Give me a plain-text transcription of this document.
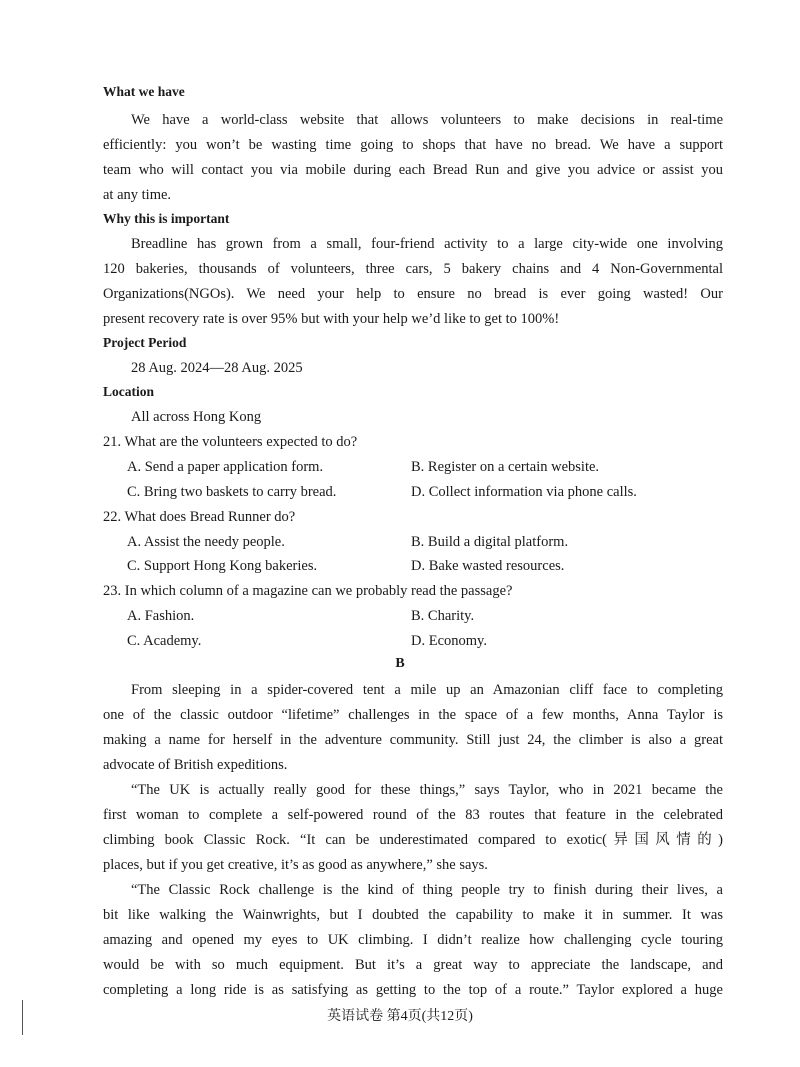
What we have
We have a world-class website that allows volunteers to make decisions in real-time
efficiently: you won’t be wasting time going to shops that have no bread. We have a support
team who will contact you via mobile during each Bread Run and give you advice or assist you
at any time.
Why this is important
Breadline has grown from a small, four-friend activity to a large city-wide one involving
120 bakeries, thousands of volunteers, three cars, 5 bakery chains and 4 Non-Governmental
Organizations(NGOs). We need your help to ensure no bread is ever going wasted! Our
present recovery rate is over 95% but with your help we’d like to get to 100%!
Project Period
28 Aug. 2024—28 Aug. 2025
Location
All across Hong Kong
21. What are the volunteers expected to do?
A. Send a paper application form.	B. Register on a certain website.
C. Bring two baskets to carry bread.	D. Collect information via phone calls.
22. What does Bread Runner do?
A. Assist the needy people.	B. Build a digital platform.
C. Support Hong Kong bakeries.	D. Bake wasted resources.
23. In which column of a magazine can we probably read the passage?
A. Fashion.	B. Charity.
C. Academy.	D. Economy.
B
From sleeping in a spider-covered tent a mile up an Amazonian cliff face to completing
one of the classic outdoor “lifetime” challenges in the space of a few months, Anna Taylor is
making a name for herself in the adventure community. Still just 24, the climber is also a great
advocate of British expeditions.
“The UK is actually really good for these things,” says Taylor, who in 2021 became the
first woman to complete a self-powered round of the 83 routes that feature in the celebrated
climbing book Classic Rock. “It can be underestimated compared to exotic(异国风情的)
places, but if you get creative, it’s as good as anywhere,” she says.
“The Classic Rock challenge is the kind of thing people try to finish during their lives, a
bit like walking the Wainwrights, but I doubted the capability to make it in summer. It was
amazing and opened my eyes to UK climbing. I didn’t realize how challenging cycle touring
would be with so much equipment. But it’s a great way to appreciate the landscape, and
completing a long ride is as satisfying as getting to the top of a route.” Taylor explored a huge
英语试卷 第4页(共12页)
